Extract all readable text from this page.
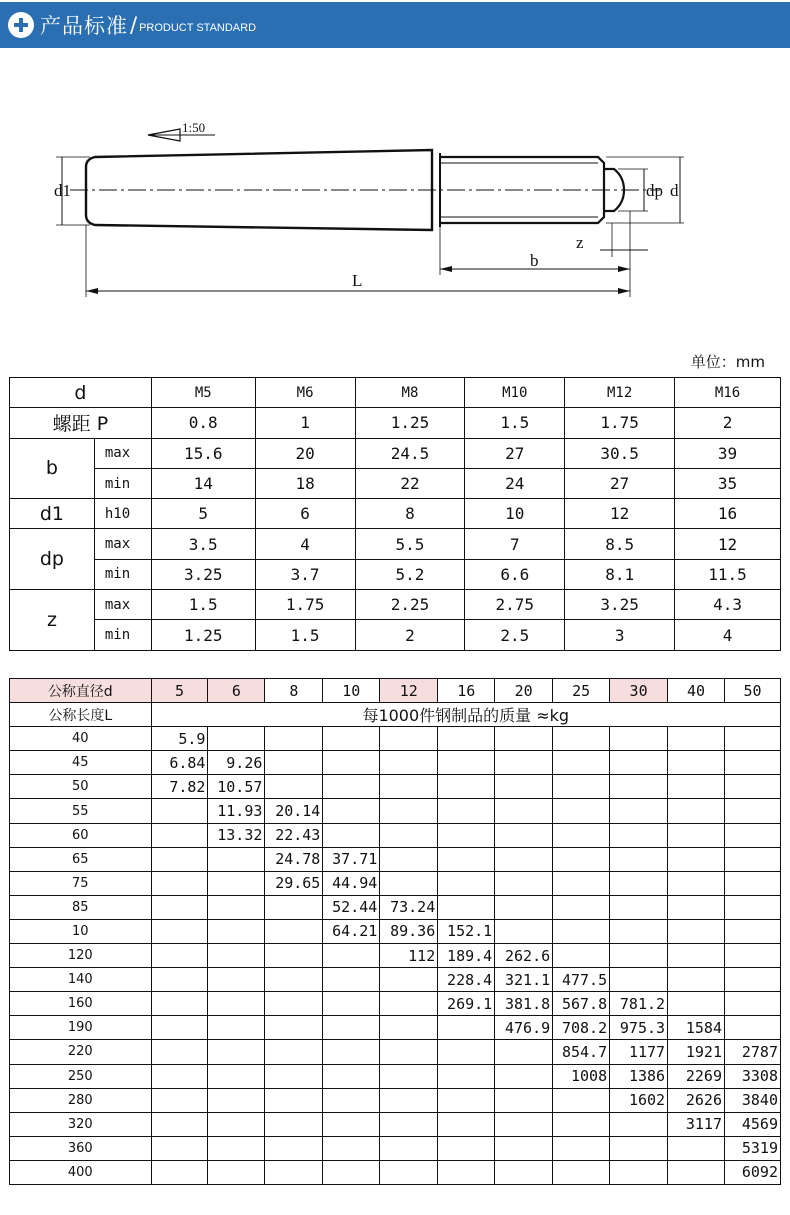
产品标准 / PRODUCT STANDARD
1:50
d1	dp d
z
b
L
单位：mm
d		M5	M6	M8	M10	M12	M16
螺距 P		0.8	1	1.25	1.5	1.75	2
b	max	15.6	20	24.5	27	30.5	39
	min	14	18	22	24	27	35
d1	h10	5	6	8	10	12	16
dp	max	3.5	4	5.5	7	8.5	12
	min	3.25	3.7	5.2	6.6	8.1	11.5
z	max	1.5	1.75	2.25	2.75	3.25	4.3
	min	1.25	1.5	2	2.5	3	4
公称直径d	5	6	8	10	12	16	20	25	30	40	50
公称长度L	每1000件钢制品的质量 ≈kg										
40	5.9										
45	6.84	9.26									
50	7.82	10.57									
55		11.93	20.14								
60		13.32	22.43								
65			24.78	37.71							
75			29.65	44.94							
85				52.44	73.24						
10				64.21	89.36	152.1					
120					112	189.4	262.6				
140						228.4	321.1	477.5			
160						269.1	381.8	567.8	781.2		
190							476.9	708.2	975.3	1584	
220								854.7	1177	1921	2787
250								1008	1386	2269	3308
280									1602	2626	3840
320										3117	4569
360											5319
400											6092
